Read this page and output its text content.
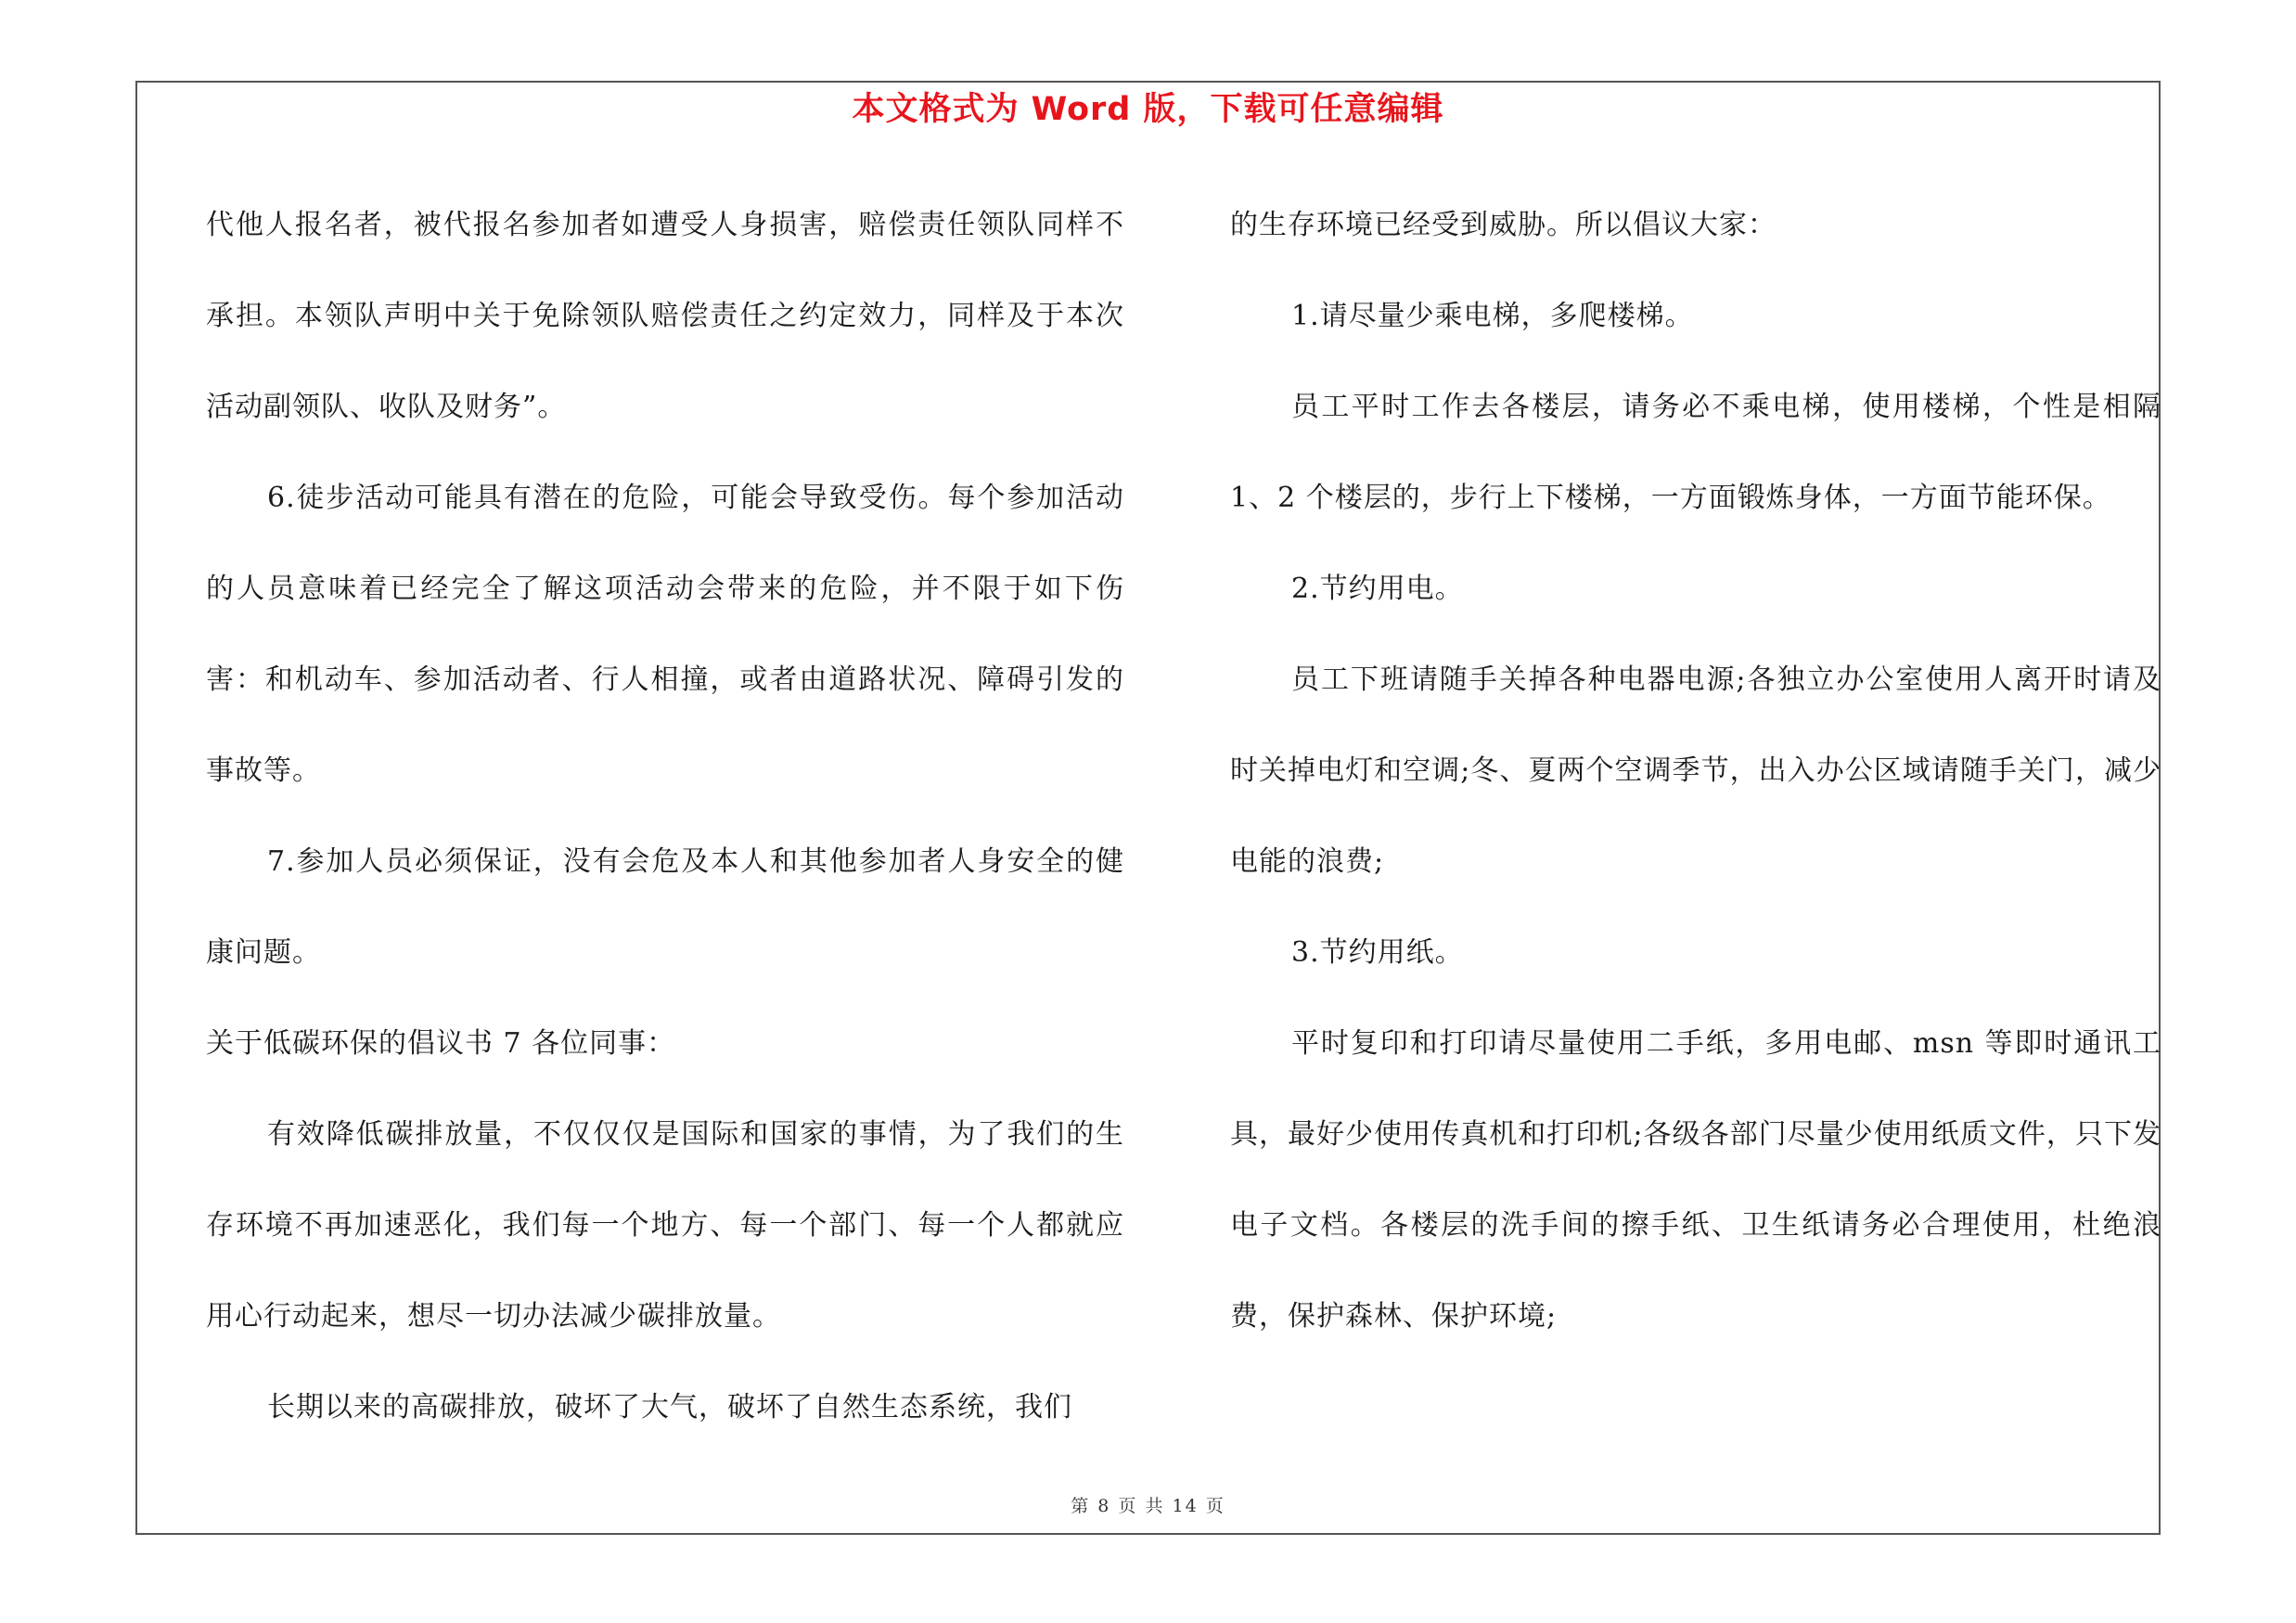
本文格式为 Word 版，下载可任意编辑

代他人报名者，被代报名参加者如遭受人身损害，赔偿责任领队同样不承担。本领队声明中关于免除领队赔偿责任之约定效力，同样及于本次活动副领队、收队及财务”。

6.徒步活动可能具有潜在的危险，可能会导致受伤。每个参加活动的人员意味着已经完全了解这项活动会带来的危险，并不限于如下伤害：和机动车、参加活动者、行人相撞，或者由道路状况、障碍引发的事故等。

7.参加人员必须保证，没有会危及本人和其他参加者人身安全的健康问题。

关于低碳环保的倡议书 7 各位同事：

有效降低碳排放量，不仅仅仅是国际和国家的事情，为了我们的生存环境不再加速恶化，我们每一个地方、每一个部门、每一个人都就应用心行动起来，想尽一切办法减少碳排放量。

长期以来的高碳排放，破坏了大气，破坏了自然生态系统，我们

的生存环境已经受到威胁。所以倡议大家：

1.请尽量少乘电梯，多爬楼梯。

员工平时工作去各楼层，请务必不乘电梯，使用楼梯，个性是相隔 1、2 个楼层的，步行上下楼梯，一方面锻炼身体，一方面节能环保。

2.节约用电。

员工下班请随手关掉各种电器电源;各独立办公室使用人离开时请及时关掉电灯和空调;冬、夏两个空调季节，出入办公区域请随手关门，减少电能的浪费;

3.节约用纸。

平时复印和打印请尽量使用二手纸，多用电邮、msn 等即时通讯工具，最好少使用传真机和打印机;各级各部门尽量少使用纸质文件，只下发电子文档。各楼层的洗手间的擦手纸、卫生纸请务必合理使用，杜绝浪费，保护森林、保护环境;

第 8 页 共 14 页
